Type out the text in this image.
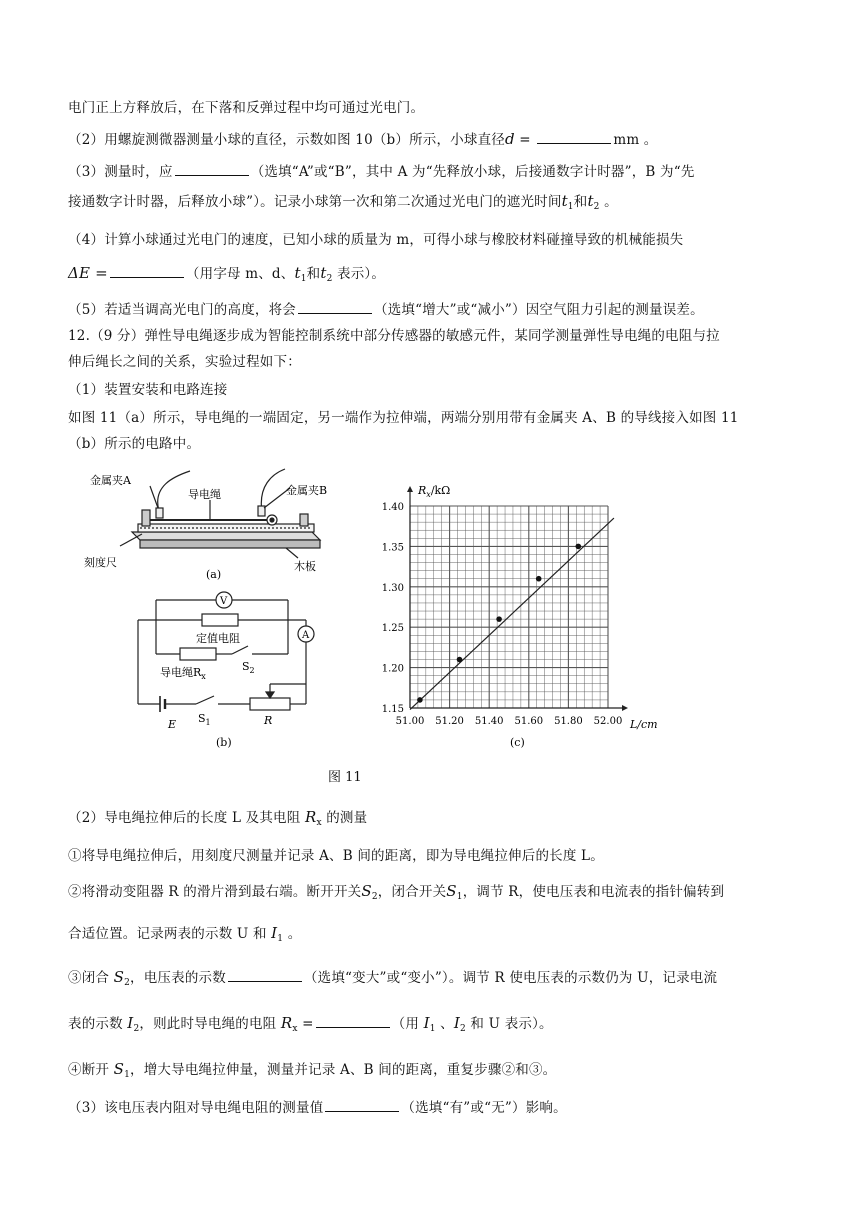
电门正上方释放后，在下落和反弹过程中均可通过光电门。
（2）用螺旋测微器测量小球的直径，示数如图 10（b）所示，小球直径d =	mm 。
（3）测量时，应	（选填“A”或“B”，其中 A 为“先释放小球，后接通数字计时器”，B 为“先
接通数字计时器，后释放小球”）。记录小球第一次和第二次通过光电门的遮光时间$t_1$和$t_2$ 。
（4）计算小球通过光电门的速度，已知小球的质量为 m，可得小球与橡胶材料碰撞导致的机械能损失
ΔE =	（用字母 m、d、$t_1$和$t_2$ 表示）。
（5）若适当调高光电门的高度，将会	（选填“增大”或“减小”）因空气阻力引起的测量误差。
12.（9 分）弹性导电绳逐步成为智能控制系统中部分传感器的敏感元件，某同学测量弹性导电绳的电阻与拉
伸后绳长之间的关系，实验过程如下：
（1）装置安装和电路连接
如图 11（a）所示，导电绳的一端固定，另一端作为拉伸端，两端分别用带有金属夹 A、B 的导线接入如图 11
（b）所示的电路中。
金属夹A
导电绳	金属夹B
刻度尺	木板
(a)
V
A
定值电阻
导电绳$R_x$
$S_2$
$S_1$
E	R
(b)
51.00 51.20 51.40 51.60 51.80 52.00
1.15
1.20
1.25
1.30
1.35
1.40
$R_x/k\Omega$
L/cm
(c)
图 11
（2）导电绳拉伸后的长度 L 及其电阻 $R_x$ 的测量
①将导电绳拉伸后，用刻度尺测量并记录 A、B 间的距离，即为导电绳拉伸后的长度 L。
②将滑动变阻器 R 的滑片滑到最右端。断开开关$S_2$，闭合开关$S_1$，调节 R，使电压表和电流表的指针偏转到
合适位置。记录两表的示数 U 和 $I_1$ 。
③闭合 $S_2$，电压表的示数	（选填“变大”或“变小”）。调节 R 使电压表的示数仍为 U，记录电流
表的示数 $I_2$，则此时导电绳的电阻 $R_x$ =	（用 $I_1$ 、$I_2$ 和 U 表示）。
④断开 $S_1$，增大导电绳拉伸量，测量并记录 A、B 间的距离，重复步骤②和③。
（3）该电压表内阻对导电绳电阻的测量值	（选填“有”或“无”）影响。
